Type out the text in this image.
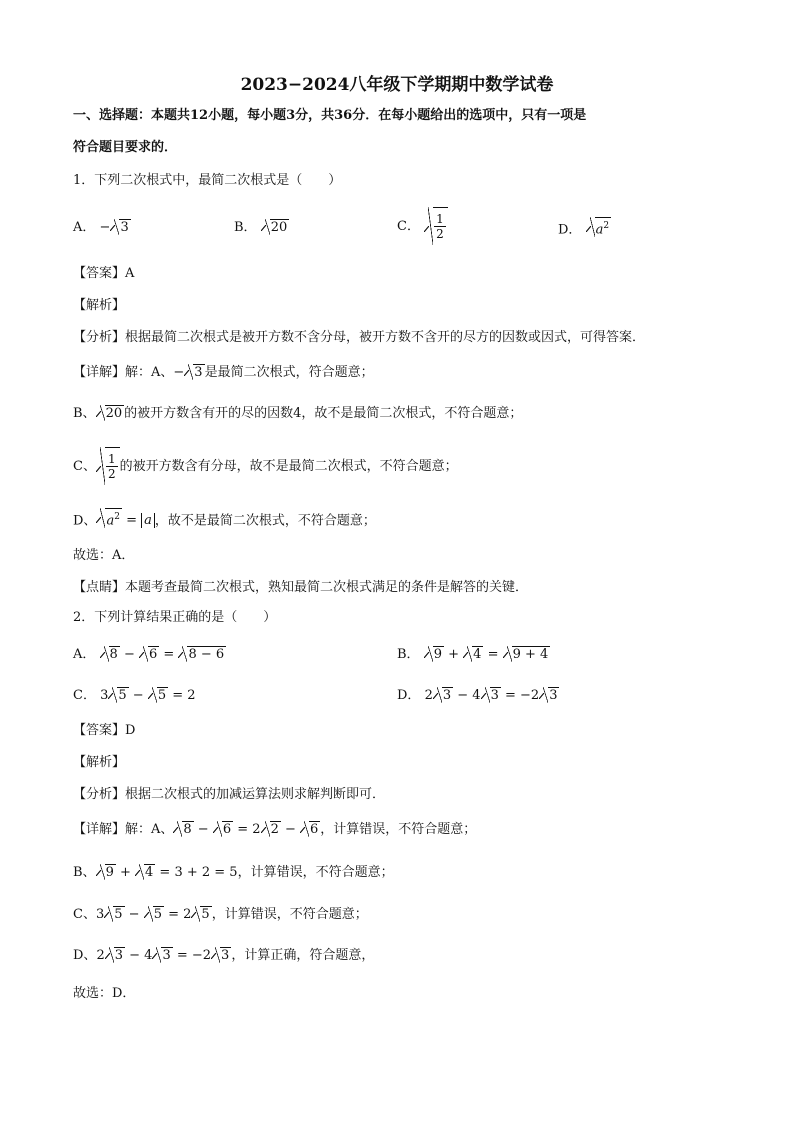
2023−2024八年级下学期期中数学试卷
一、选择题：本题共12小题，每小题3分，共36分．在每小题给出的选项中，只有一项是
符合题目要求的．
1．下列二次根式中，最简二次根式是（　　）
A． − 3	B． 20	C． $\frac{1}{2}$	D． $a^2$
【答案】A
【解析】
【分析】根据最简二次根式是被开方数不含分母，被开方数不含开的尽方的因数或因式，可得答案．
【详解】解：A、− 3 是最简二次根式，符合题意；
B、 20 的被开方数含有开的尽的因数4，故不是最简二次根式，不符合题意；
C、 $\frac{1}{2}$ 的被开方数含有分母，故不是最简二次根式，不符合题意；
D、 $a^2 = a$ ，故不是最简二次根式，不符合题意；
故选：A．
【点睛】本题考查最简二次根式，熟知最简二次根式满足的条件是解答的关键．
2．下列计算结果正确的是（　　）
A． 8 − 6 = 8 − 6	B． 9 + 4 = 9 + 4
C． 3 5 − 5 = 2	D． 2 3 − 4 3 = −2 3
【答案】D
【解析】
【分析】根据二次根式的加减运算法则求解判断即可．
【详解】解：A、 8 − 6 = 2 2 − 6 ，计算错误，不符合题意；
B、 9 + 4 = 3 + 2 = 5，计算错误，不符合题意；
C、3 5 − 5 = 2 5 ，计算错误，不符合题意；
D、2 3 − 4 3 = −2 3 ，计算正确，符合题意，
故选：D．
